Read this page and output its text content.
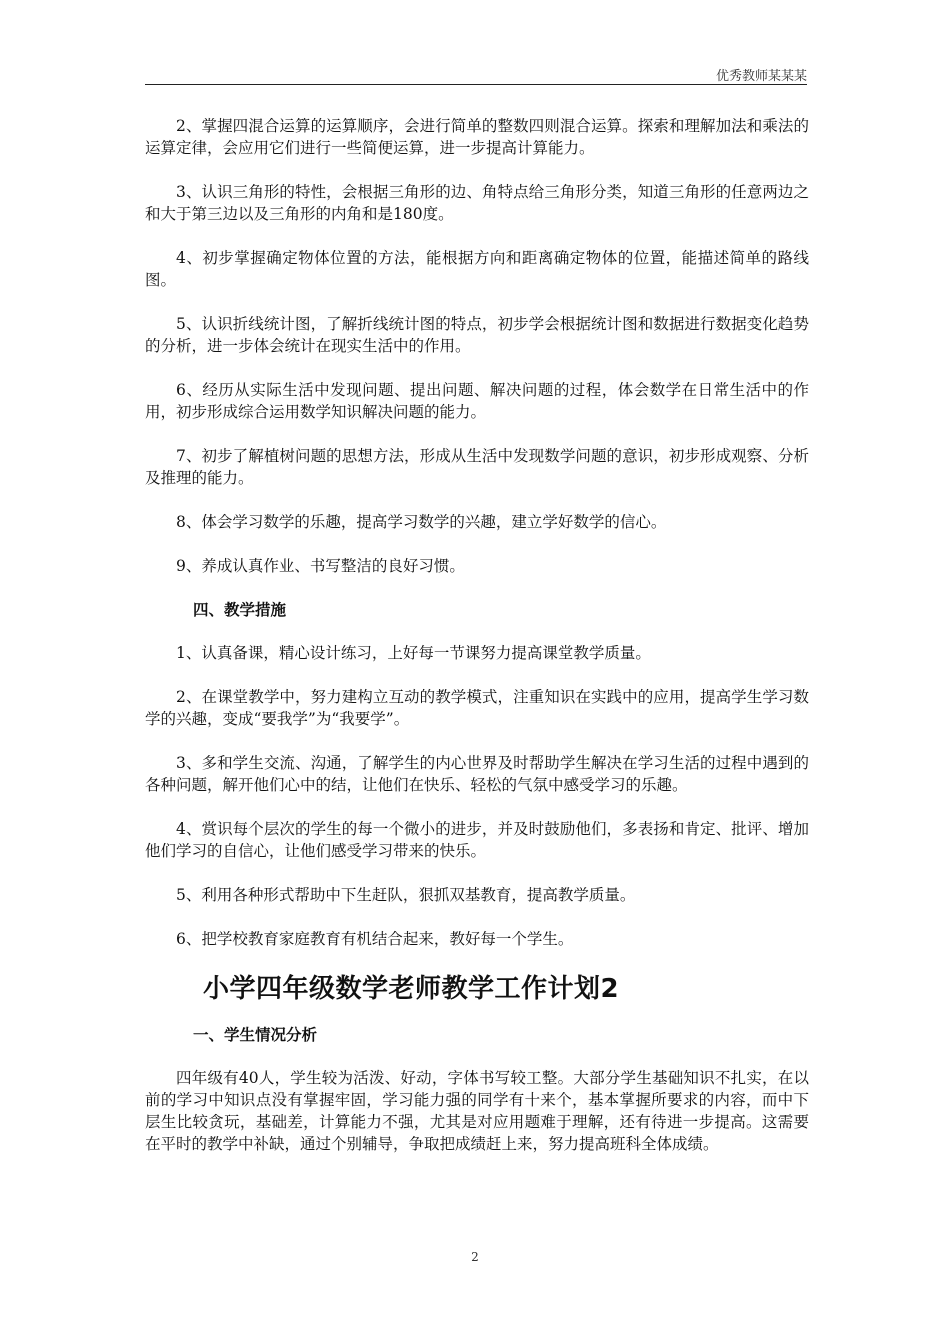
优秀教师某某某

2、掌握四混合运算的运算顺序，会进行简单的整数四则混合运算。探索和理解加法和乘法的运算定律，会应用它们进行一些简便运算，进一步提高计算能力。

3、认识三角形的特性，会根据三角形的边、角特点给三角形分类，知道三角形的任意两边之和大于第三边以及三角形的内角和是180度。

4、初步掌握确定物体位置的方法，能根据方向和距离确定物体的位置，能描述简单的路线图。

5、认识折线统计图，了解折线统计图的特点，初步学会根据统计图和数据进行数据变化趋势的分析，进一步体会统计在现实生活中的作用。

6、经历从实际生活中发现问题、提出问题、解决问题的过程，体会数学在日常生活中的作用，初步形成综合运用数学知识解决问题的能力。

7、初步了解植树问题的思想方法，形成从生活中发现数学问题的意识，初步形成观察、分析及推理的能力。

8、体会学习数学的乐趣，提高学习数学的兴趣，建立学好数学的信心。

9、养成认真作业、书写整洁的良好习惯。

四、教学措施

1、认真备课，精心设计练习，上好每一节课努力提高课堂教学质量。

2、在课堂教学中，努力建构立互动的教学模式，注重知识在实践中的应用，提高学生学习数学的兴趣，变成“要我学”为“我要学”。

3、多和学生交流、沟通，了解学生的内心世界及时帮助学生解决在学习生活的过程中遇到的各种问题，解开他们心中的结，让他们在快乐、轻松的气氛中感受学习的乐趣。

4、赏识每个层次的学生的每一个微小的进步，并及时鼓励他们，多表扬和肯定、批评、增加他们学习的自信心，让他们感受学习带来的快乐。

5、利用各种形式帮助中下生赶队，狠抓双基教育，提高教学质量。

6、把学校教育家庭教育有机结合起来，教好每一个学生。

小学四年级数学老师教学工作计划2
一、学生情况分析

四年级有40人，学生较为活泼、好动，字体书写较工整。大部分学生基础知识不扎实，在以前的学习中知识点没有掌握牢固，学习能力强的同学有十来个，基本掌握所要求的内容，而中下层生比较贪玩，基础差，计算能力不强，尤其是对应用题难于理解，还有待进一步提高。这需要在平时的教学中补缺，通过个别辅导，争取把成绩赶上来，努力提高班科全体成绩。

2
